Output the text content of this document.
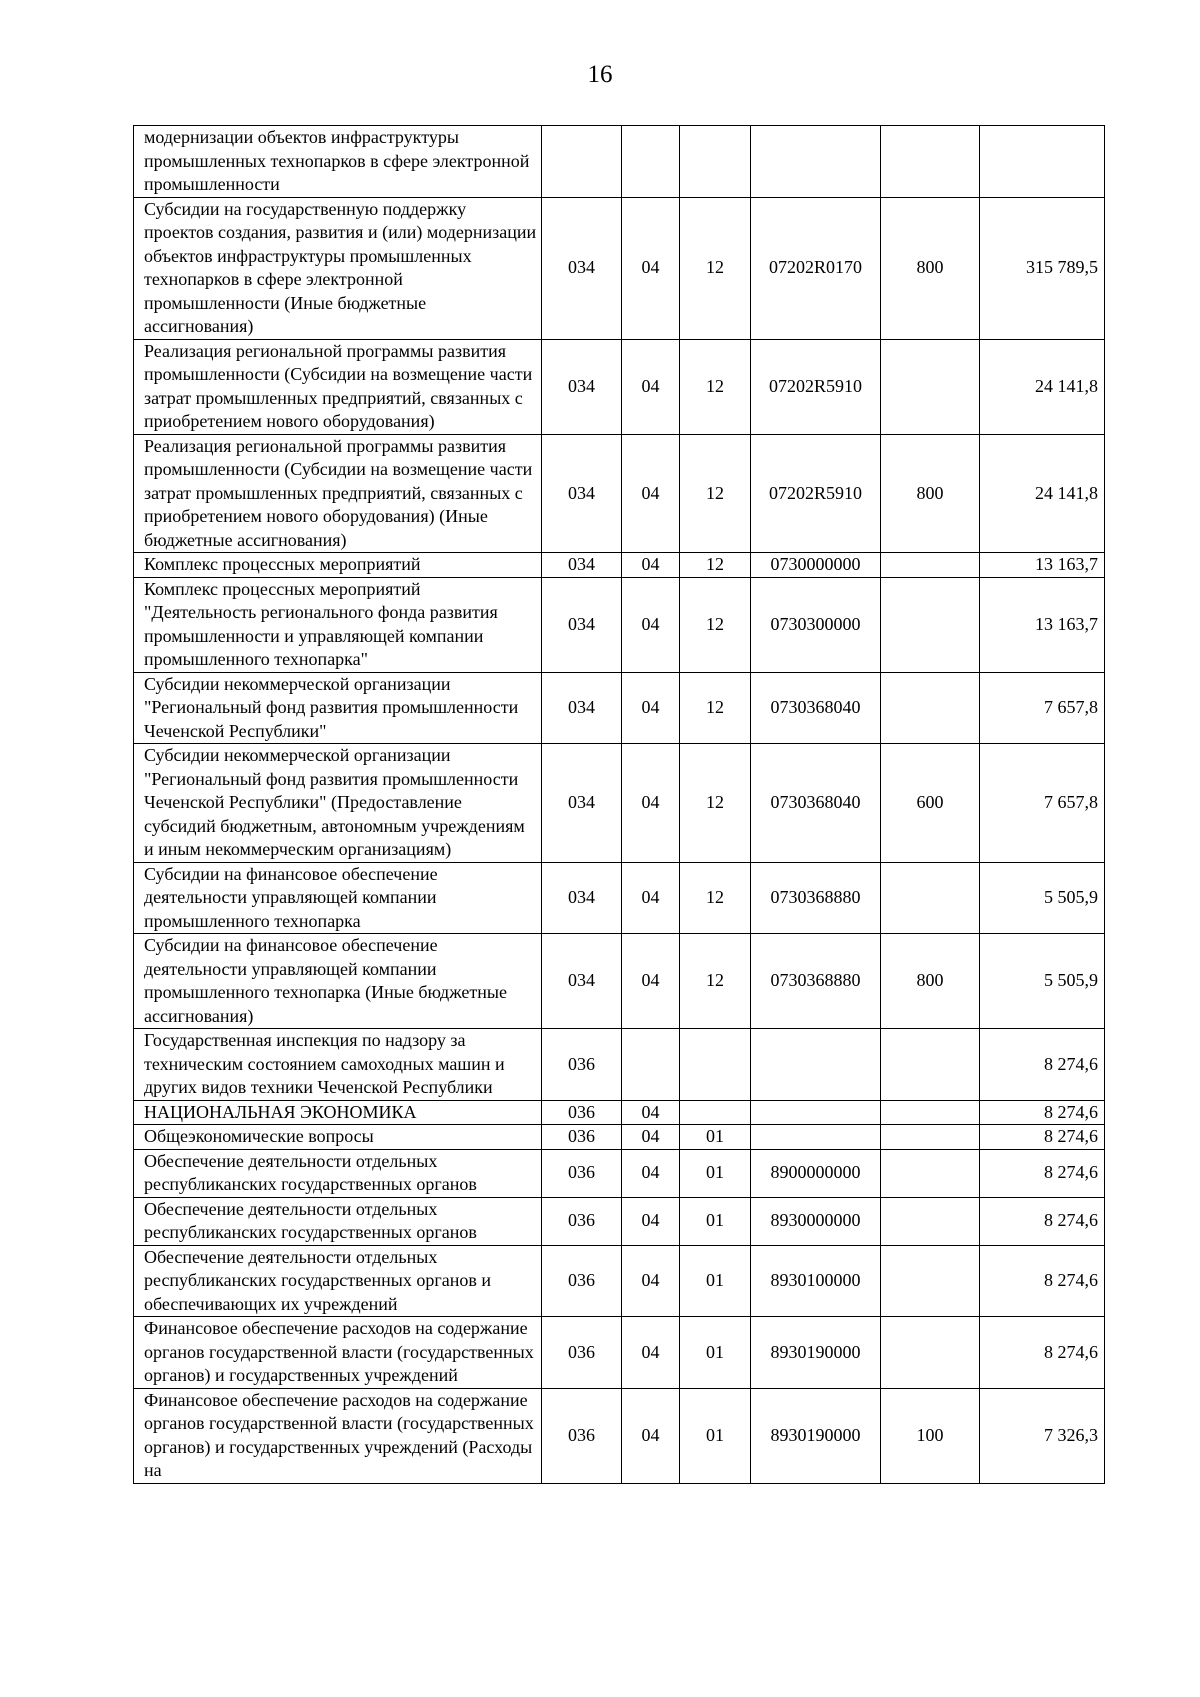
16
модернизации объектов инфраструктуры промышленных технопарков в сфере электронной промышленности						
Субсидии на государственную поддержку проектов создания, развития и (или) модернизации объектов инфраструктуры промышленных технопарков в сфере электронной промышленности (Иные бюджетные ассигнования)	034	04	12	07202R0170	800	315 789,5
Реализация региональной программы развития промышленности (Субсидии на возмещение части затрат промышленных предприятий, связанных с приобретением нового оборудования)	034	04	12	07202R5910		24 141,8
Реализация региональной программы развития промышленности (Субсидии на возмещение части затрат промышленных предприятий, связанных с приобретением нового оборудования) (Иные бюджетные ассигнования)	034	04	12	07202R5910	800	24 141,8
Комплекс процессных мероприятий	034	04	12	0730000000		13 163,7
Комплекс процессных мероприятий "Деятельность регионального фонда развития промышленности и управляющей компании промышленного технопарка"	034	04	12	0730300000		13 163,7
Субсидии некоммерческой организации "Региональный фонд развития промышленности Чеченской Республики"	034	04	12	0730368040		7 657,8
Субсидии некоммерческой организации "Региональный фонд развития промышленности Чеченской Республики" (Предоставление субсидий бюджетным, автономным учреждениям и иным некоммерческим организациям)	034	04	12	0730368040	600	7 657,8
Субсидии на финансовое обеспечение деятельности управляющей компании промышленного технопарка	034	04	12	0730368880		5 505,9
Субсидии на финансовое обеспечение деятельности управляющей компании промышленного технопарка (Иные бюджетные ассигнования)	034	04	12	0730368880	800	5 505,9
Государственная инспекция по надзору за техническим состоянием самоходных машин и других видов техники Чеченской Республики	036					8 274,6
НАЦИОНАЛЬНАЯ ЭКОНОМИКА	036	04				8 274,6
Общеэкономические вопросы	036	04	01			8 274,6
Обеспечение деятельности отдельных республиканских государственных органов	036	04	01	8900000000		8 274,6
Обеспечение деятельности отдельных республиканских государственных органов	036	04	01	8930000000		8 274,6
Обеспечение деятельности отдельных республиканских государственных органов и обеспечивающих их учреждений	036	04	01	8930100000		8 274,6
Финансовое обеспечение расходов на содержание органов государственной власти (государственных органов) и государственных учреждений	036	04	01	8930190000		8 274,6
Финансовое обеспечение расходов на содержание органов государственной власти (государственных органов) и государственных учреждений (Расходы на	036	04	01	8930190000	100	7 326,3
